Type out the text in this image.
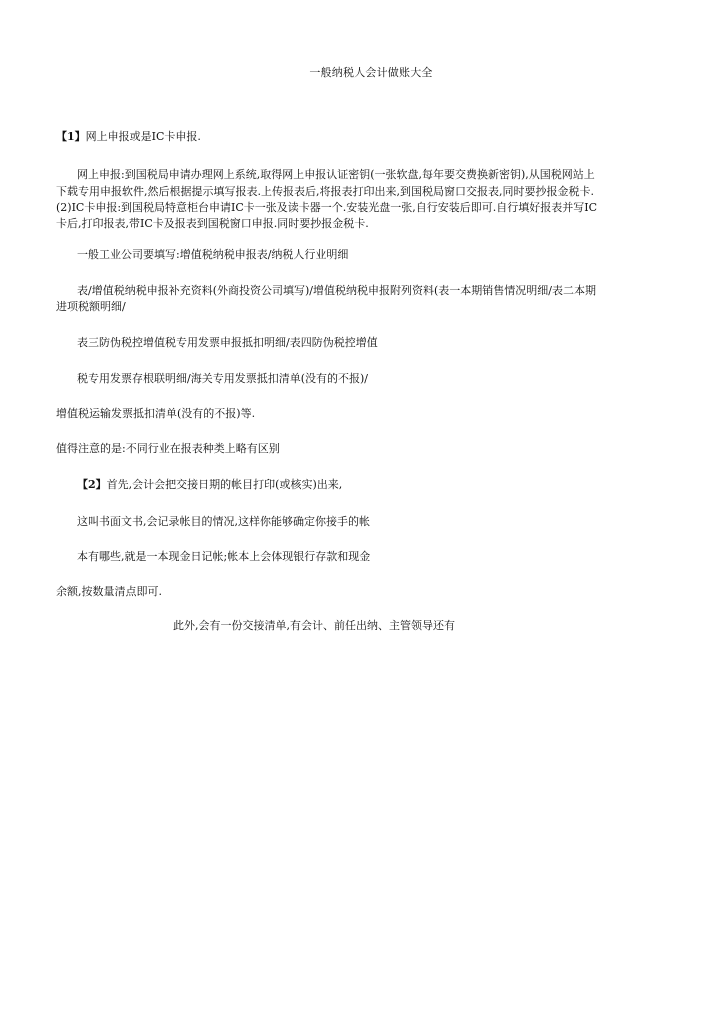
一般纳税人会计做账大全
【1】网上申报或是IC卡申报.
网上申报:到国税局申请办理网上系统,取得网上申报认证密钥(一张软盘,每年要交费换新密钥),从国税网站上
下载专用申报软件,然后根据提示填写报表.上传报表后,将报表打印出来,到国税局窗口交报表,同时要抄报金税卡.
(2)IC卡申报:到国税局特意柜台申请IC卡一张及读卡器一个.安装光盘一张,自行安装后即可.自行填好报表并写IC
卡后,打印报表,带IC卡及报表到国税窗口申报.同时要抄报金税卡.
一般工业公司要填写:增值税纳税申报表/纳税人行业明细
表/增值税纳税申报补充资料(外商投资公司填写)/增值税纳税申报附列资料(表一本期销售情况明细/表二本期
进项税额明细/
表三防伪税控增值税专用发票申报抵扣明细/表四防伪税控增值
税专用发票存根联明细/海关专用发票抵扣清单(没有的不报)/
增值税运输发票抵扣清单(没有的不报)等.
值得注意的是:不同行业在报表种类上略有区别
【2】首先,会计会把交接日期的帐目打印(或核实)出来,
这叫书面文书,会记录帐目的情况,这样你能够确定你接手的帐
本有哪些,就是一本现金日记帐;帐本上会体现银行存款和现金
余额,按数量清点即可.
此外,会有一份交接清单,有会计、前任出纳、主管领导还有
